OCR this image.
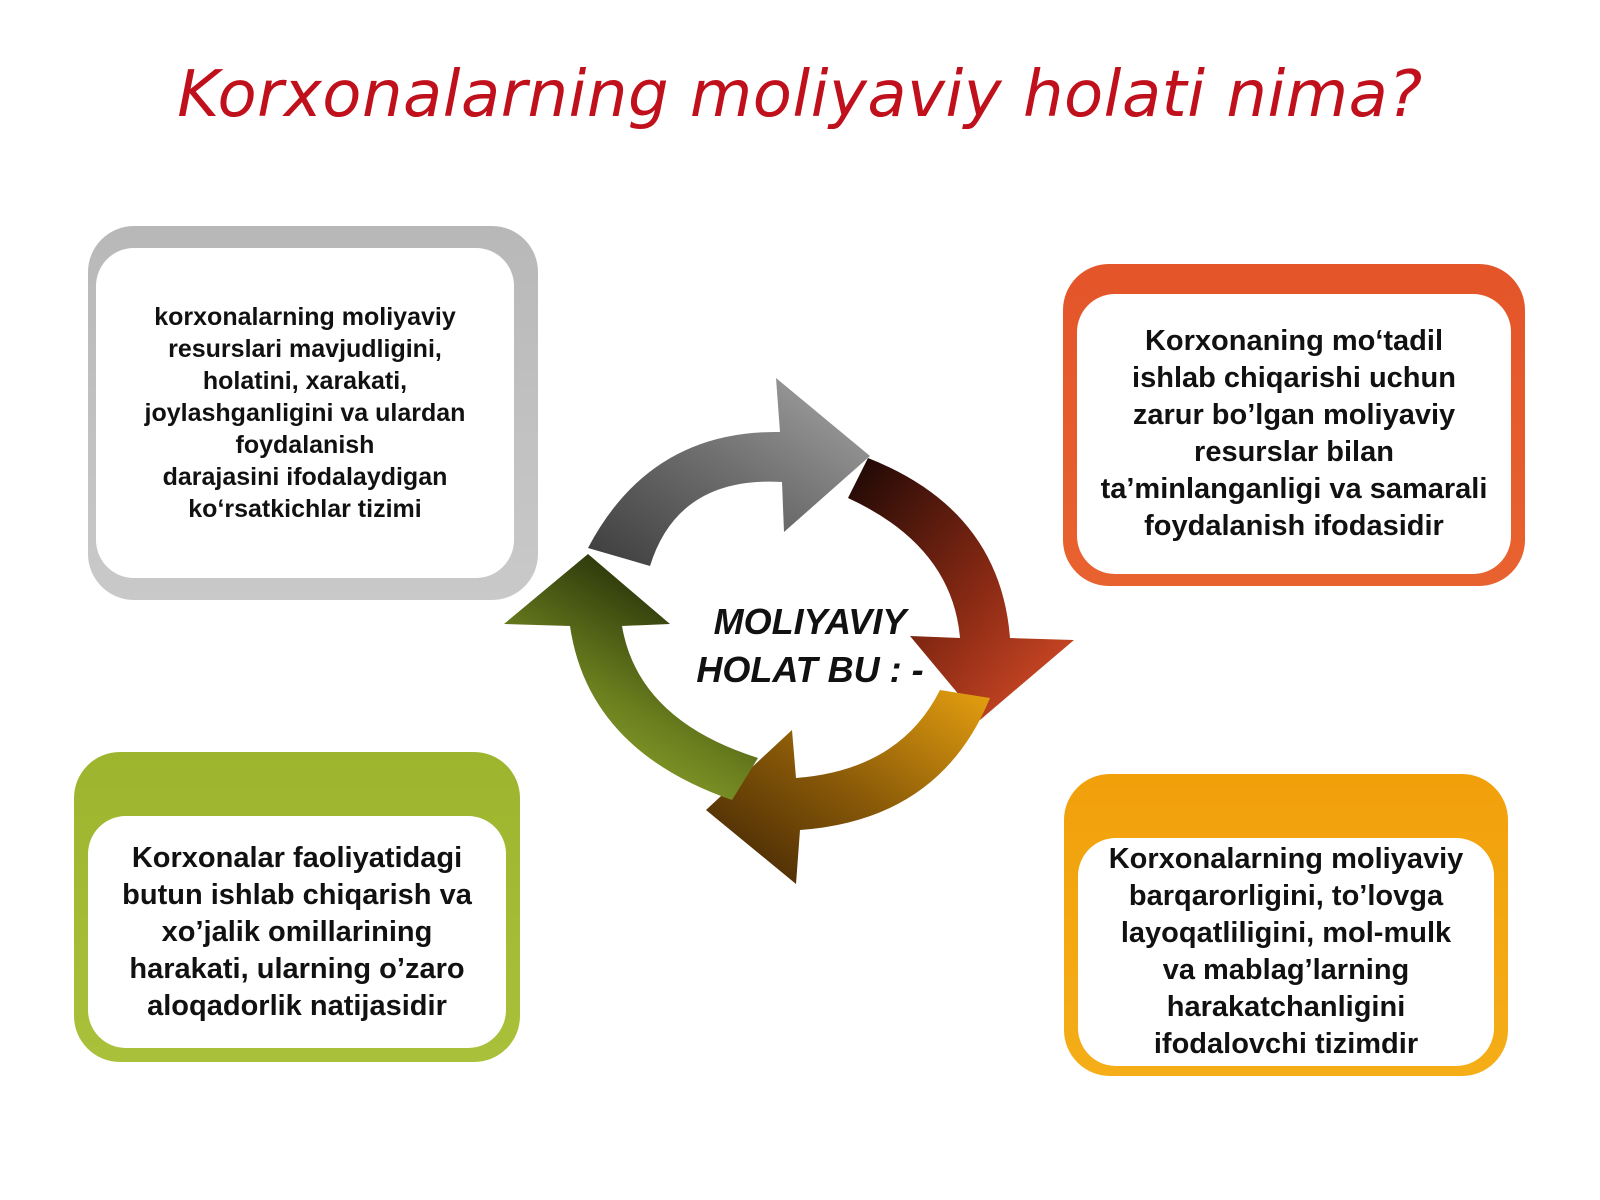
Korxonalarning moliyaviy holati nima?
korxonalarning moliyaviy
resurslari mavjudligini,
holatini, xarakati,
joylashganligini va ulardan
foydalanish
darajasini ifodalaydigan
ko‘rsatkichlar tizimi
Korxonaning mo‘tadil
ishlab chiqarishi uchun
zarur bo’lgan moliyaviy
resurslar bilan
ta’minlanganligi va samarali
foydalanish ifodasidir
Korxonalar faoliyatidagi
butun ishlab chiqarish va
xo’jalik omillarining
harakati, ularning o’zaro
aloqadorlik natijasidir
Korxonalarning moliyaviy
barqarorligini, to’lovga
layoqatliligini, mol-mulk
va mablag’larning
harakatchanligini
ifodalovchi tizimdir
MOLIYAVIY
HOLAT BU : -
